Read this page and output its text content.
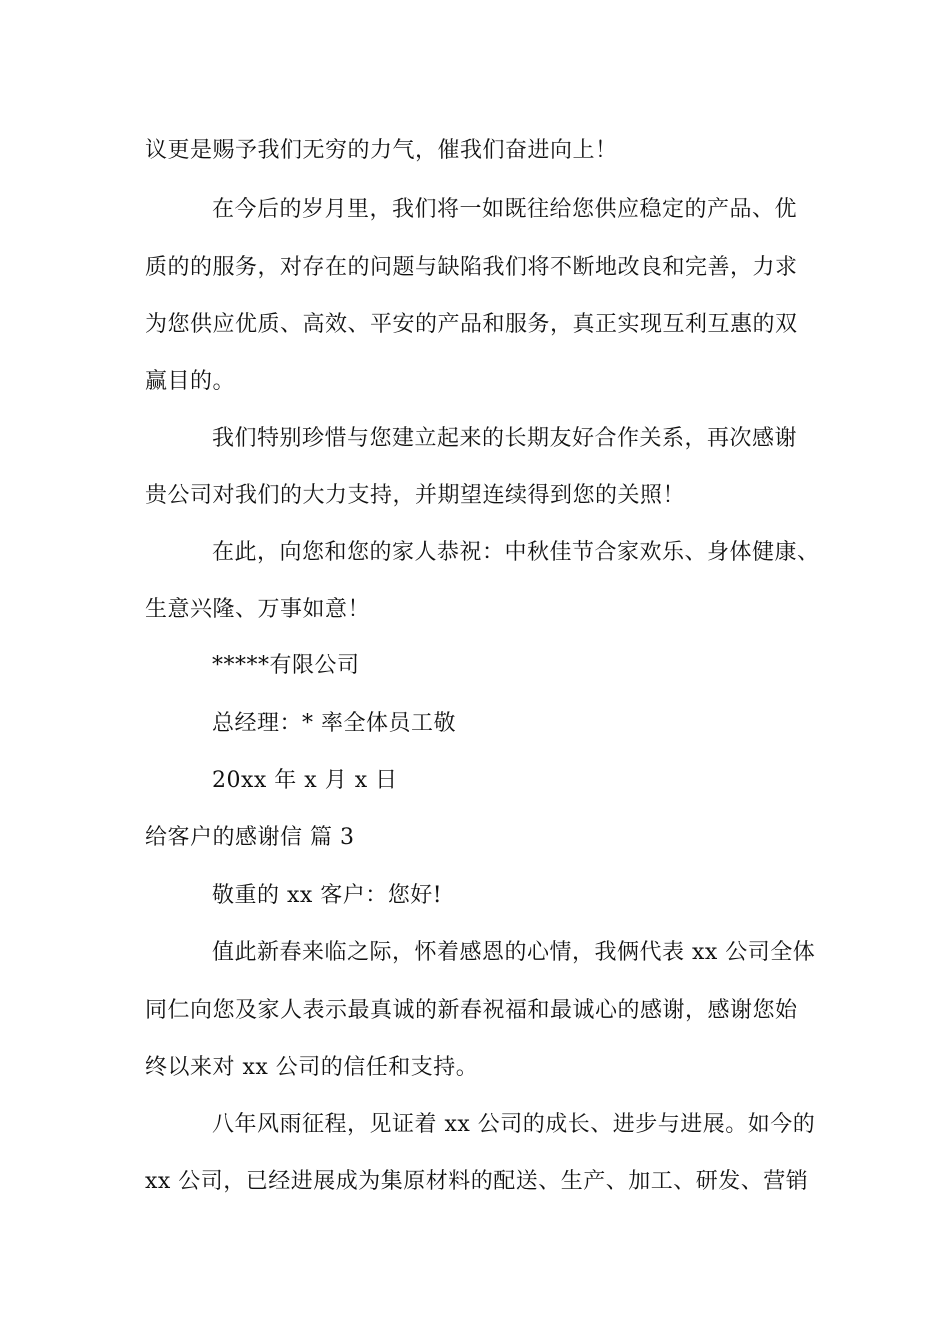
议更是赐予我们无穷的力气，催我们奋进向上！
在今后的岁月里，我们将一如既往给您供应稳定的产品、优
质的的服务，对存在的问题与缺陷我们将不断地改良和完善，力求
为您供应优质、高效、平安的产品和服务，真正实现互利互惠的双
赢目的。
我们特别珍惜与您建立起来的长期友好合作关系，再次感谢
贵公司对我们的大力支持，并期望连续得到您的关照！
在此，向您和您的家人恭祝：中秋佳节合家欢乐、身体健康、
生意兴隆、万事如意！
*****有限公司
总经理：* 率全体员工敬
20xx 年 x 月 x 日
给客户的感谢信 篇 3
敬重的 xx 客户：您好!
值此新春来临之际，怀着感恩的心情，我俩代表 xx 公司全体
同仁向您及家人表示最真诚的新春祝福和最诚心的感谢，感谢您始
终以来对 xx 公司的信任和支持。
八年风雨征程，见证着 xx 公司的成长、进步与进展。如今的
xx 公司，已经进展成为集原材料的配送、生产、加工、研发、营销
